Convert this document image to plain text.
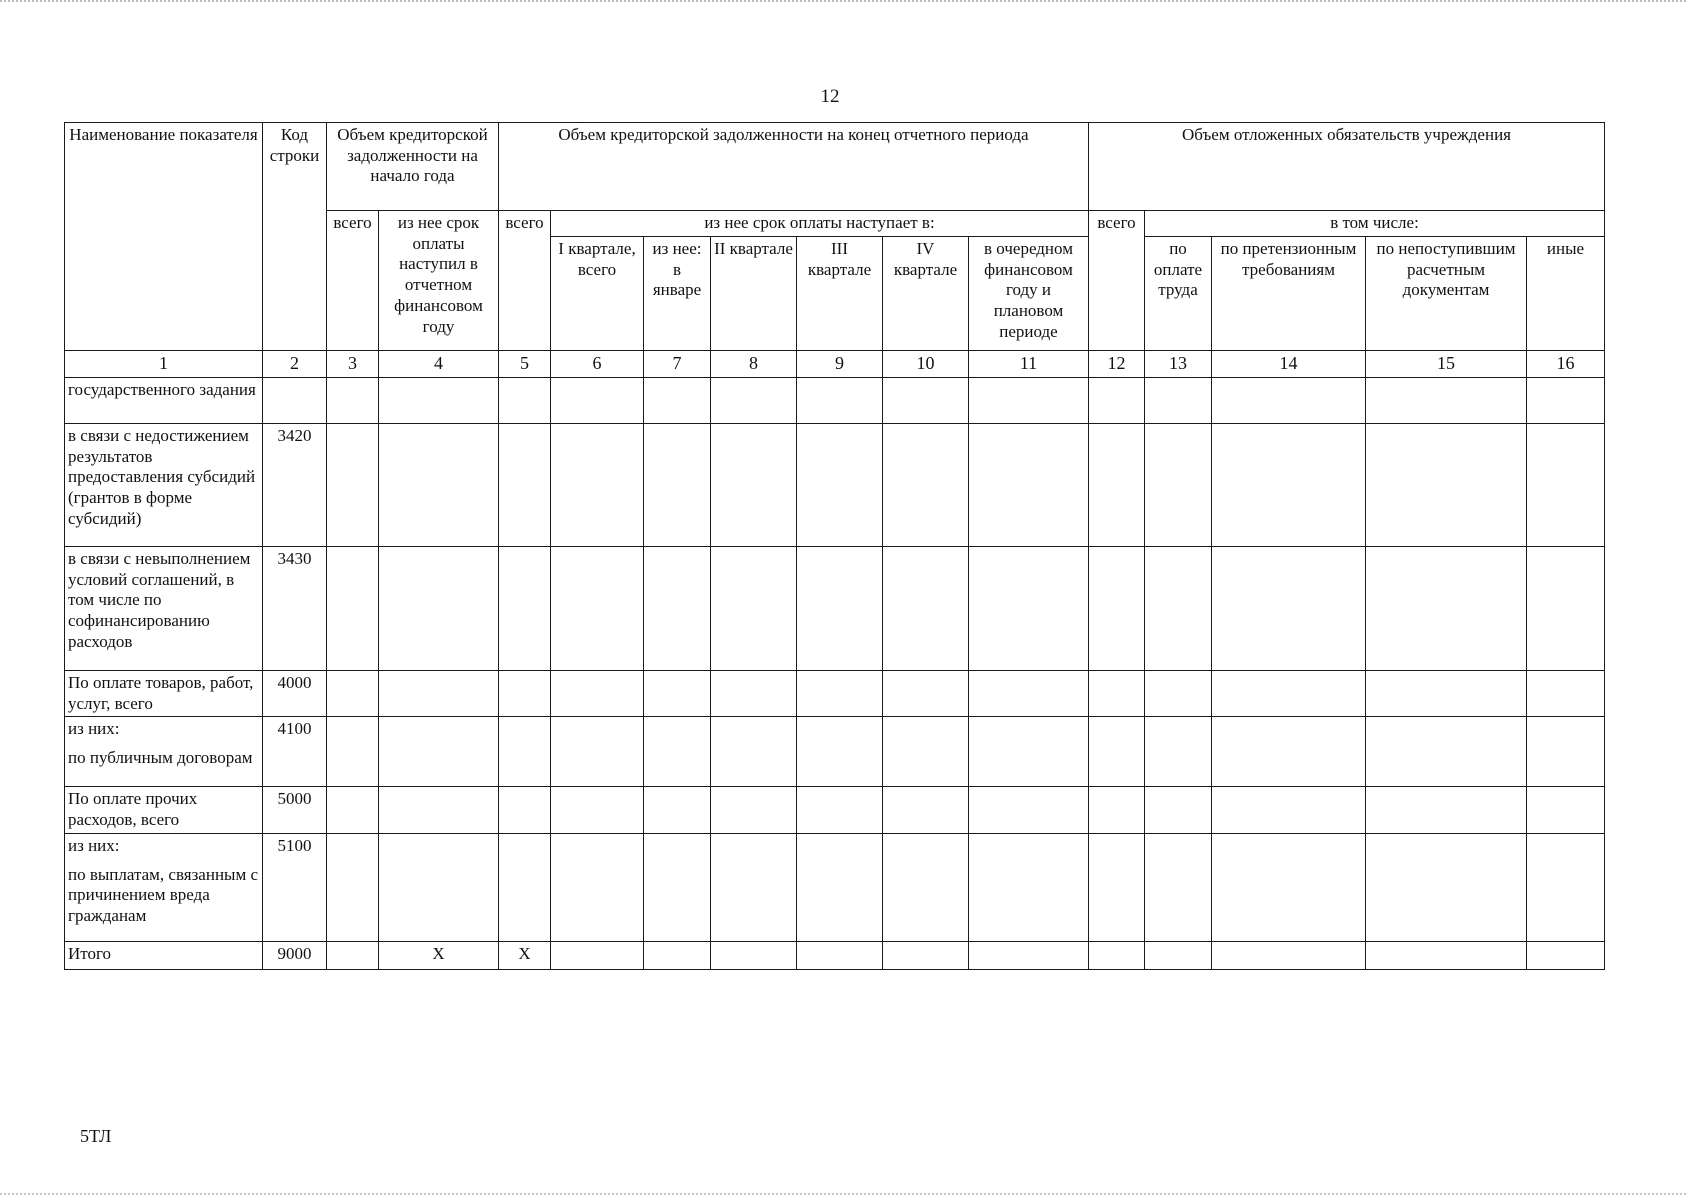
12
Наименование показателя	Код строки	Объем кредиторской задолженности на начало года		Объем кредиторской задолженности на конец отчетного периода							Объем отложенных обязательств учреждения				
		всего	из нее срок оплаты наступил в отчетном финансовом году	всего	из нее срок оплаты наступает в:						всего	в том числе:			
					I квартале, всего	из нее: в январе	II квартале	III квартале	IV квартале	в очередном финансовом году и плановом периоде		по оплате труда	по претензионным требованиям	по непоступившим расчетным документам	иные
1	2	3	4	5	6	7	8	9	10	11	12	13	14	15	16

государственного задания															

в связи с недостижением результатов предоставления субсидий (грантов в форме субсидий)	3420														

в связи с невыполнением условий соглашений, в том числе по софинансированию расходов	3430														

По оплате товаров, работ, услуг, всего	4000														

из них:
по публичным договорам	4100														

По оплате прочих расходов, всего	5000														

из них:
по выплатам, связанным с причинением вреда гражданам	5100														

Итого	9000		X	X											
5ТЛ
